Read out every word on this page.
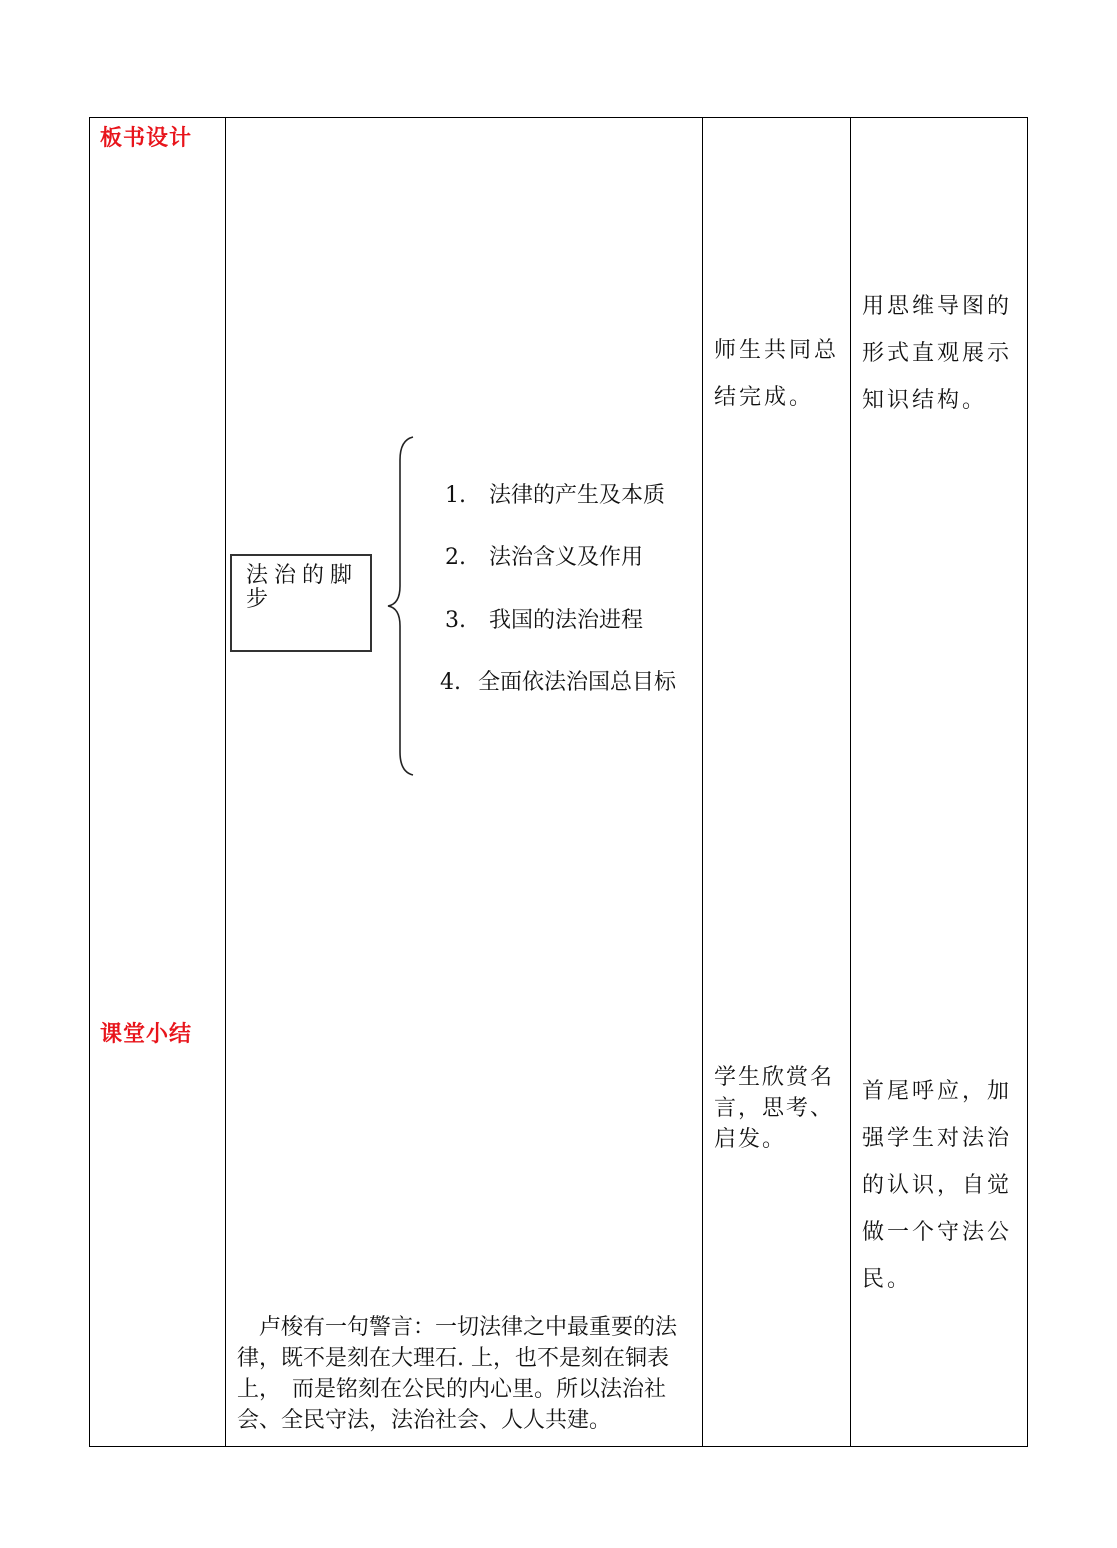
板书设计
法治的脚步
1. 法律的产生及本质
2. 法治含义及作用
3. 我国的法治进程
4. 全面依法治国总目标
师生共同总结完成。
用思维导图的形式直观展示知识结构。
课堂小结
卢梭有一句警言：一切法律之中最重要的法律，既不是刻在大理石. 上，也不是刻在铜表上，　而是铭刻在公民的内心里。所以法治社会、全民守法，法治社会、人人共建。
学生欣赏名言，思考、启发。
首尾呼应，加强学生对法治的认识，自觉做一个守法公民。
